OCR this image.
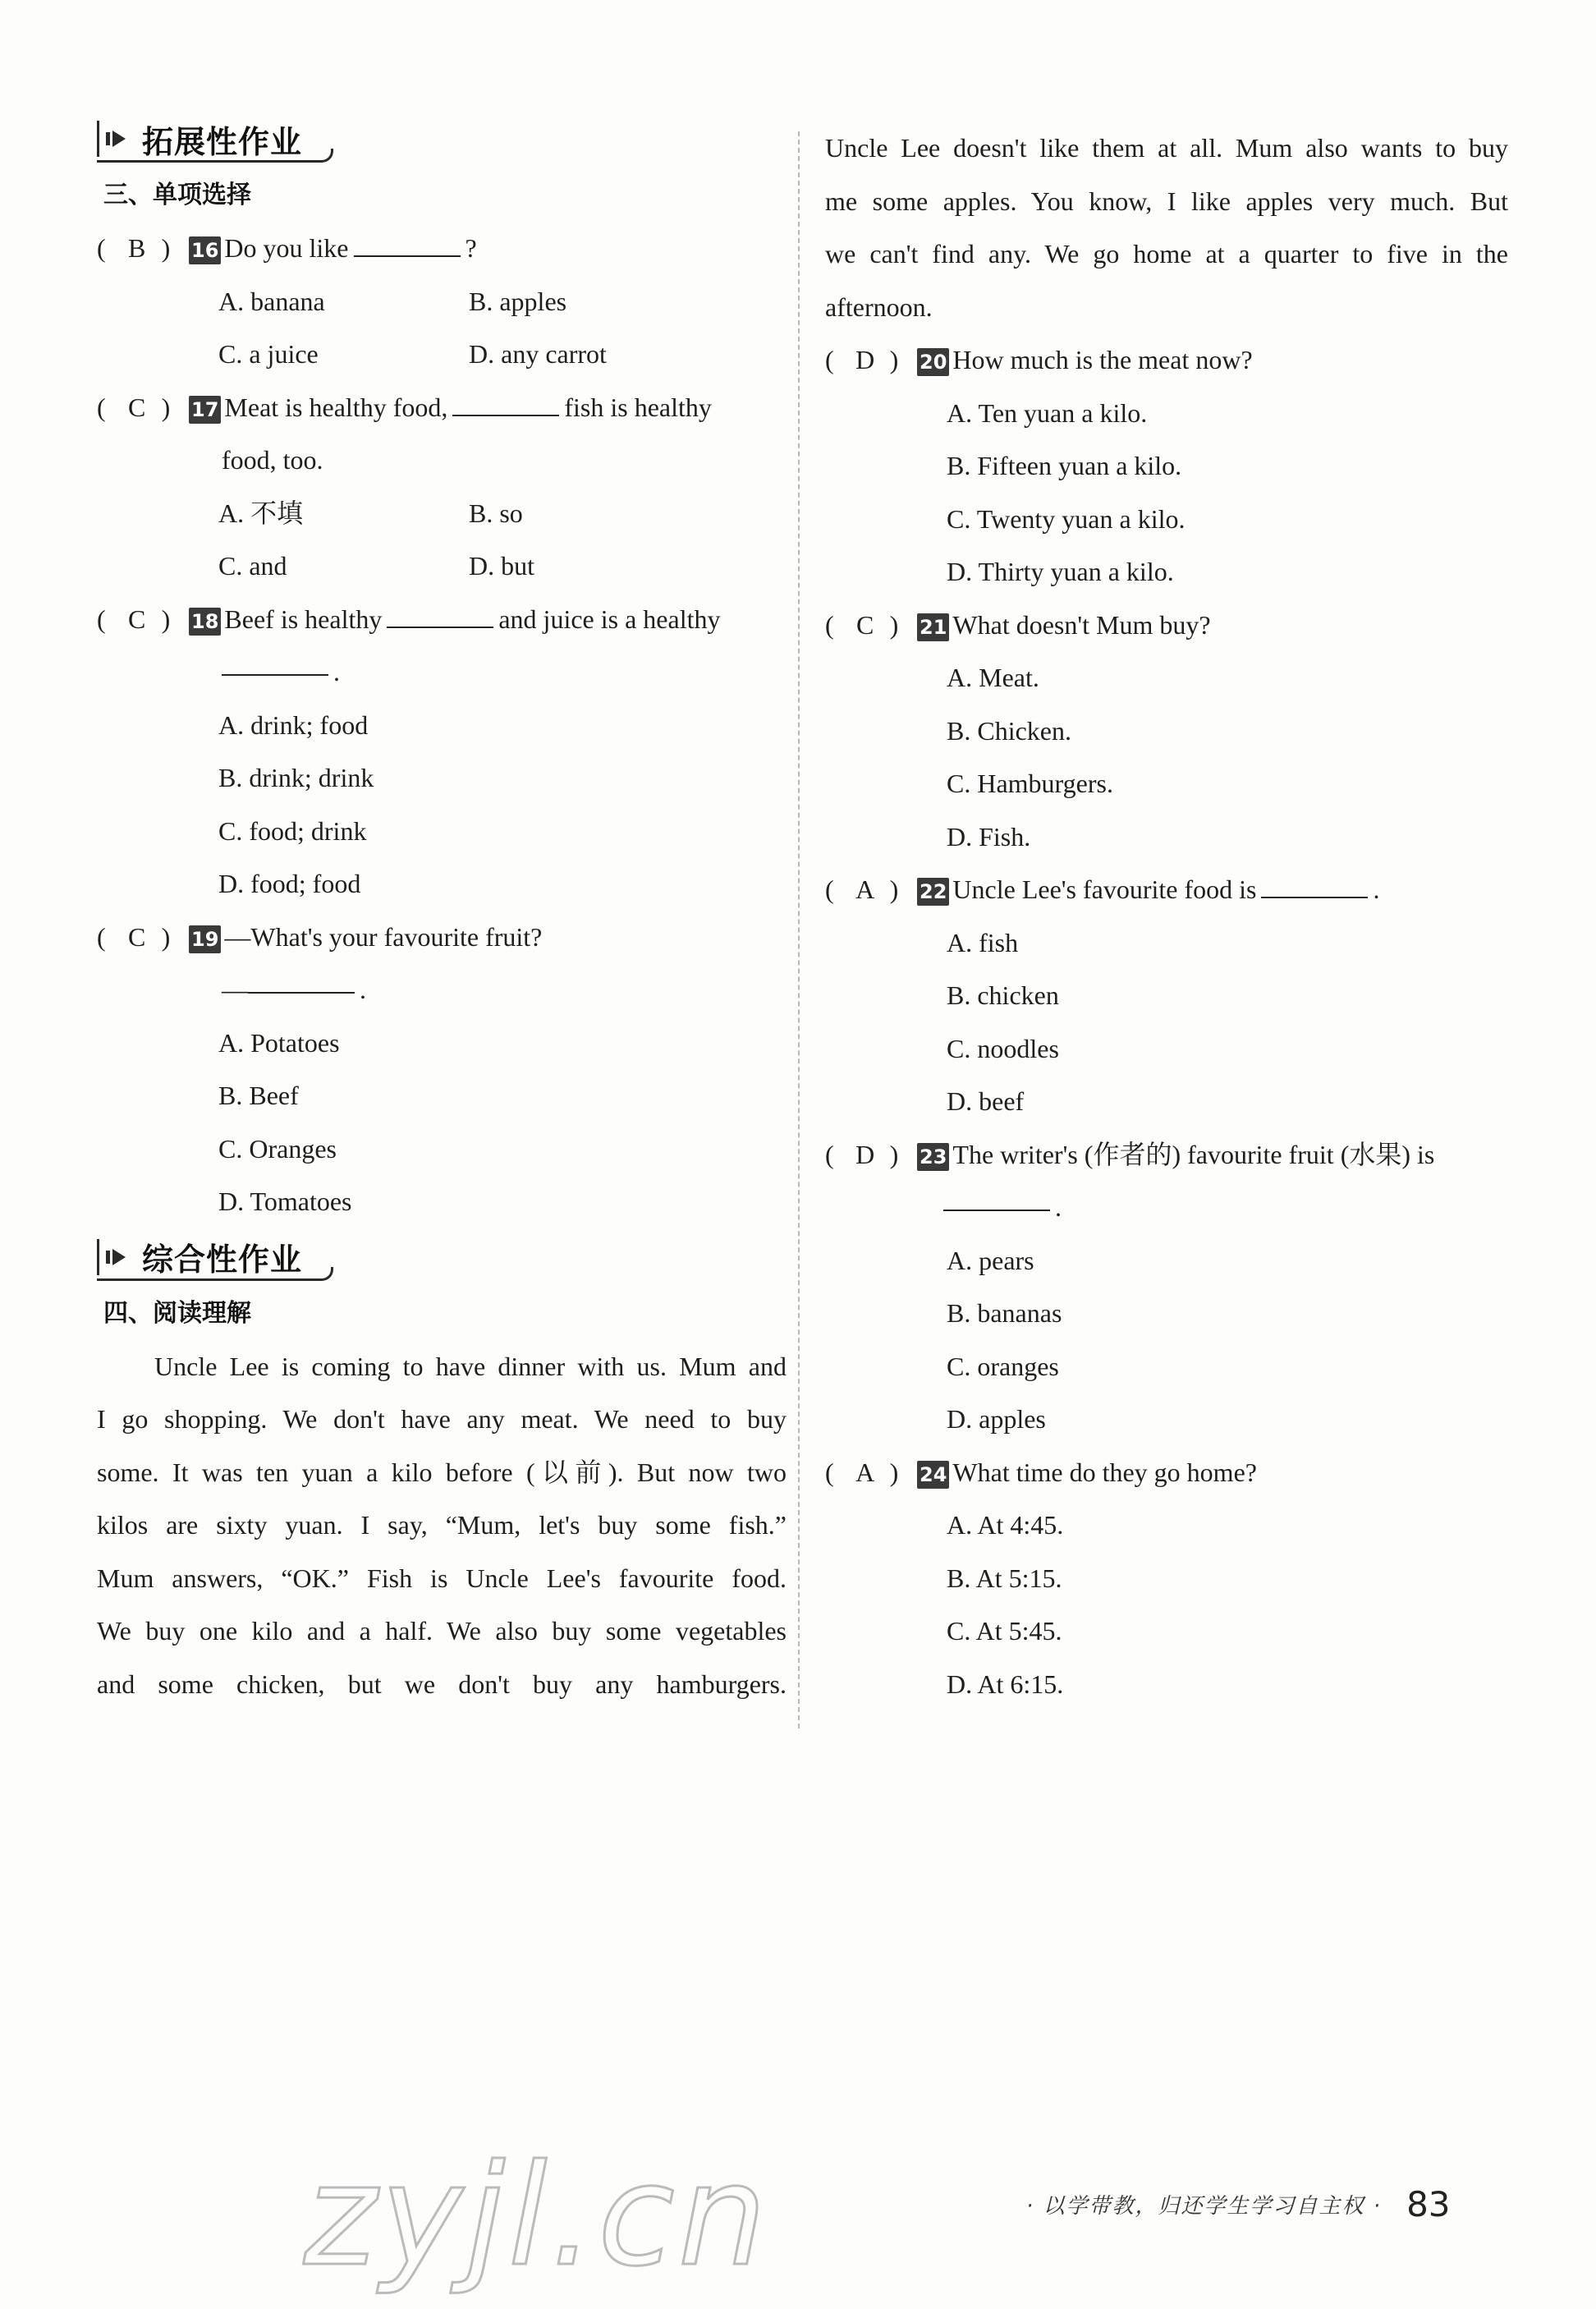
拓展性作业
三、单项选择
( B )	16 Do you like	?
A. banana	B. apples
C. a juice	D. any carrot
( C )	17 Meat is healthy food,	fish is healthy
food, too.
A. 不填	B. so
C. and	D. but
( C )	18 Beef is healthy	and juice is a healthy
.
A. drink; food
B. drink; drink
C. food; drink
D. food; food
( C )	19 —What's your favourite fruit?
—	.
A. Potatoes
B. Beef
C. Oranges
D. Tomatoes
综合性作业
四、阅读理解
Uncle Lee is coming to have dinner with us. Mum and
I go shopping. We don't have any meat. We need to buy
some. It was ten yuan a kilo before (以前). But now two
kilos are sixty yuan. I say, “Mum, let's buy some fish.”
Mum answers, “OK.” Fish is Uncle Lee's favourite food.
We buy one kilo and a half. We also buy some vegetables
and some chicken, but we don't buy any hamburgers.
Uncle Lee doesn't like them at all. Mum also wants to buy
me some apples. You know, I like apples very much. But
we can't find any. We go home at a quarter to five in the
afternoon.
( D )	20 How much is the meat now?
A. Ten yuan a kilo.
B. Fifteen yuan a kilo.
C. Twenty yuan a kilo.
D. Thirty yuan a kilo.
( C )	21 What doesn't Mum buy?
A. Meat.
B. Chicken.
C. Hamburgers.
D. Fish.
( A )	22 Uncle Lee's favourite food is	.
A. fish
B. chicken
C. noodles
D. beef
( D )	23 The writer's (作者的) favourite fruit (水果) is
.
A. pears
B. bananas
C. oranges
D. apples
( A )	24 What time do they go home?
A. At 4:45.
B. At 5:15.
C. At 5:45.
D. At 6:15.
zyjl.cn	· 以学带教，归还学生学习自主权 · 83
